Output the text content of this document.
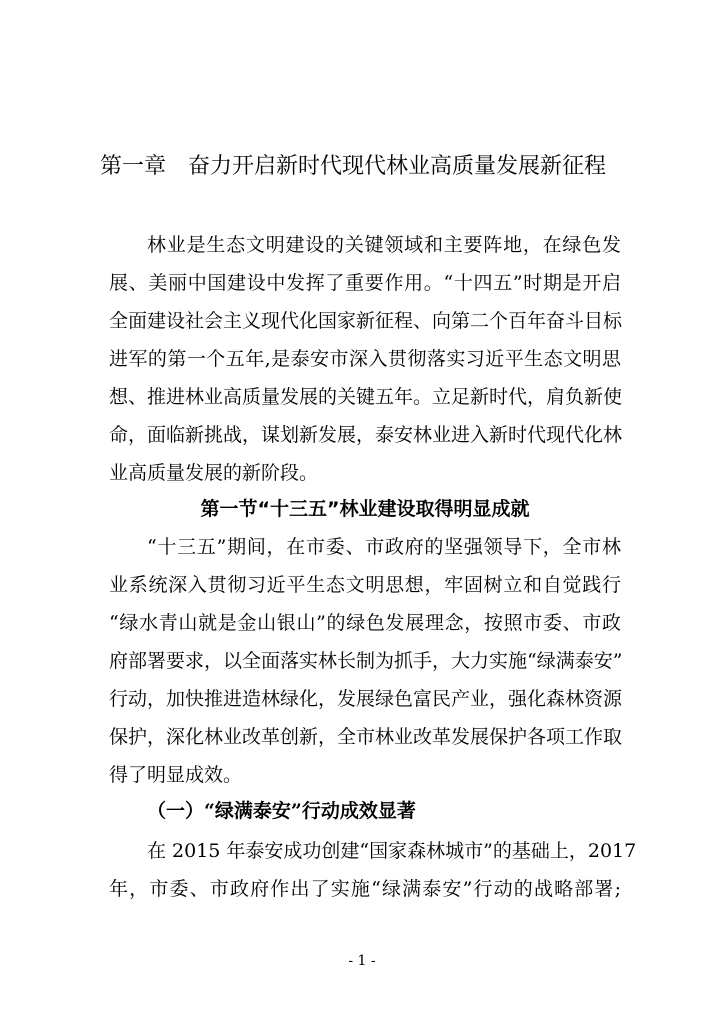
第一章 奋力开启新时代现代林业高质量发展新征程
林业是生态文明建设的关键领域和主要阵地，在绿色发
展、美丽中国建设中发挥了重要作用。“十四五”时期是开启
全面建设社会主义现代化国家新征程、向第二个百年奋斗目标
进军的第一个五年,是泰安市深入贯彻落实习近平生态文明思
想、推进林业高质量发展的关键五年。立足新时代，肩负新使
命，面临新挑战，谋划新发展，泰安林业进入新时代现代化林
业高质量发展的新阶段。
第一节“十三五”林业建设取得明显成就
“十三五”期间，在市委、市政府的坚强领导下，全市林
业系统深入贯彻习近平生态文明思想，牢固树立和自觉践行
“绿水青山就是金山银山”的绿色发展理念，按照市委、市政
府部署要求，以全面落实林长制为抓手，大力实施“绿满泰安”
行动，加快推进造林绿化，发展绿色富民产业，强化森林资源
保护，深化林业改革创新，全市林业改革发展保护各项工作取
得了明显成效。
（一）“绿满泰安”行动成效显著
在 2015 年泰安成功创建“国家森林城市”的基础上，2017
年，市委、市政府作出了实施“绿满泰安”行动的战略部署;
- 1 -
